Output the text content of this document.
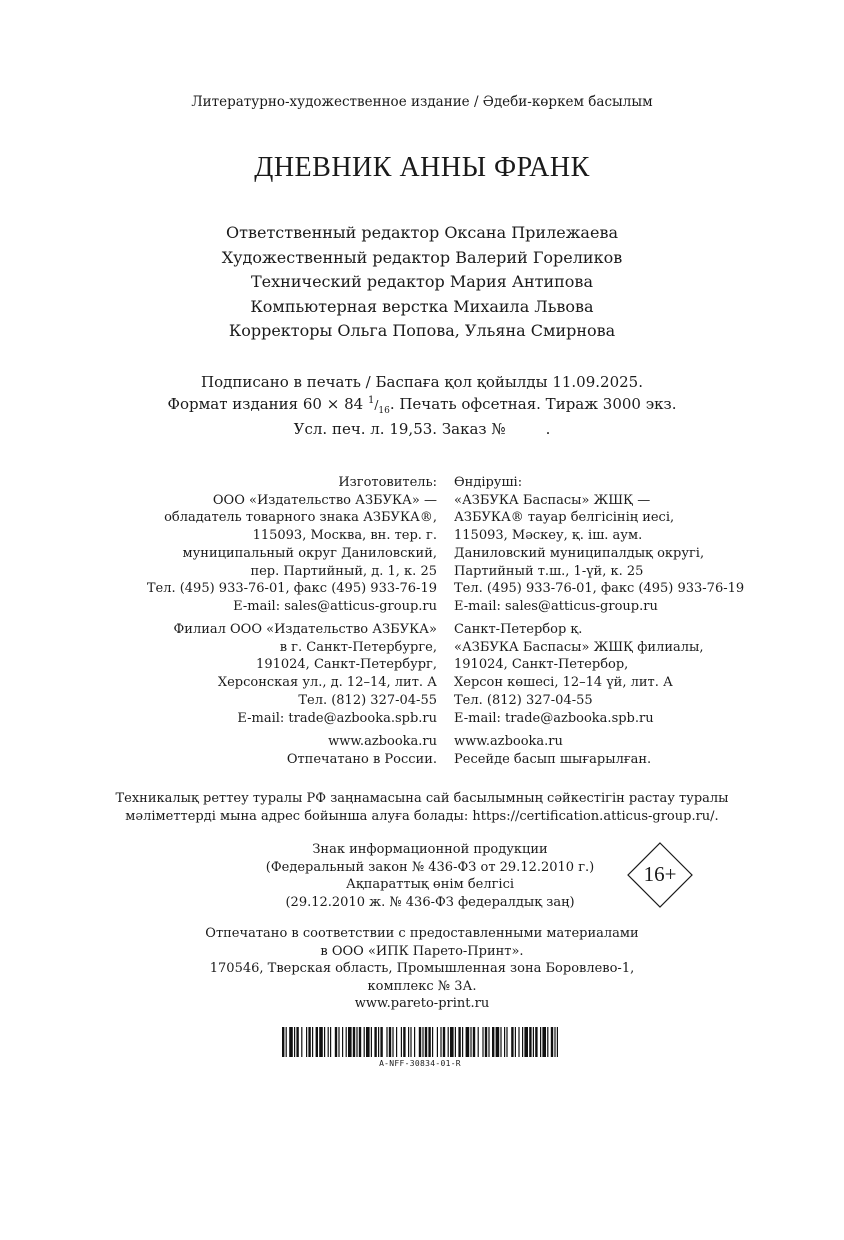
Литературно-художественное издание / Әдеби-көркем басылым
ДНЕВНИК АННЫ ФРАНК
Ответственный редактор Оксана Прилежаева
Художественный редактор Валерий Гореликов
Технический редактор Мария Антипова
Компьютерная верстка Михаила Львова
Корректоры Ольга Попова, Ульяна Смирнова
Подписано в печать / Баспаға қол қойылды 11.09.2025.
Формат издания 60 × 84 $^1/_{16}$. Печать офсетная. Тираж 3000 экз.
Усл. печ. л. 19,53. Заказ №	.
Изготовитель:
ООО «Издательство АЗБУКА» —
обладатель товарного знака АЗБУКА®,
115093, Москва, вн. тер. г.
муниципальный округ Даниловский,
пер. Партийный, д. 1, к. 25
Тел. (495) 933-76-01, факс (495) 933-76-19
E-mail: sales@atticus-group.ru
Өндіруші:
«АЗБУКА Баспасы» ЖШҚ —
АЗБУКА® тауар белгісінің иесі,
115093, Мәскеу, қ. іш. аум.
Даниловский муниципалдық округі,
Партийный т.ш., 1-үй, к. 25
Тел. (495) 933-76-01, факс (495) 933-76-19
E-mail: sales@atticus-group.ru
Филиал ООО «Издательство АЗБУКА»
в г. Санкт-Петербурге,
191024, Санкт-Петербург,
Херсонская ул., д. 12–14, лит. А
Тел. (812) 327-04-55
E-mail: trade@azbooka.spb.ru
Санкт-Петербор қ.
«АЗБУКА Баспасы» ЖШҚ филиалы,
191024, Санкт-Петербор,
Херсон көшесі, 12–14 үй, лит. А
Тел. (812) 327-04-55
E-mail: trade@azbooka.spb.ru
www.azbooka.ru
Отпечатано в России.
www.azbooka.ru
Ресейде басып шығарылған.
Техникалық реттеу туралы РФ заңнамасына сай басылымның сәйкестігін растау туралы
мәліметтерді мына адрес бойынша алуға болады: https://certification.atticus-group.ru/.
Знак информационной продукции
(Федеральный закон № 436-ФЗ от 29.12.2010 г.)
Ақпараттық өнім белгісі
(29.12.2010 ж. № 436-ФЗ федералдық заң)
16+
Отпечатано в соответствии с предоставленными материалами
в ООО «ИПК Парето-Принт».
170546, Тверская область, Промышленная зона Боровлево-1,
комплекс № 3А.
www.pareto-print.ru
A-NFF-30834-01-R
